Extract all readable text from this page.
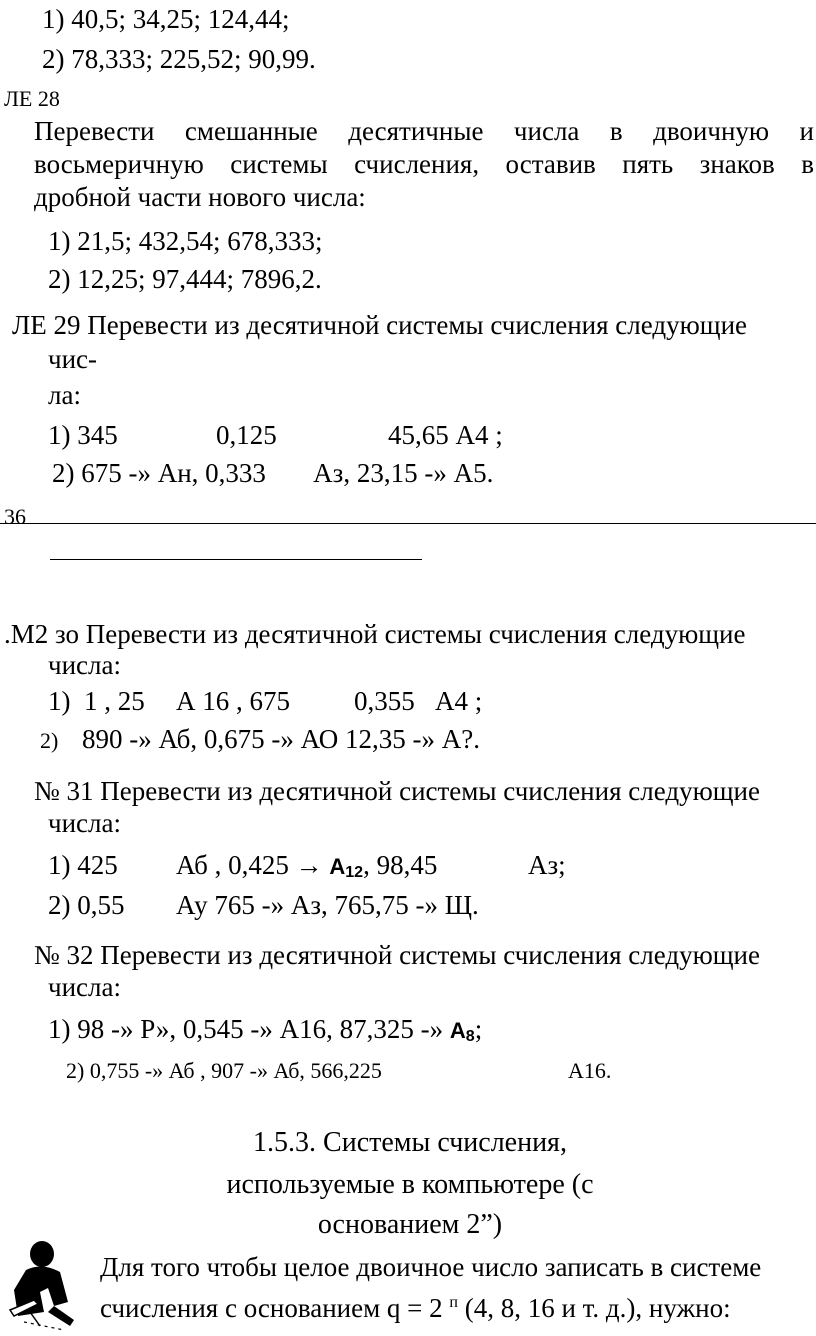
1) 40,5; 34,25; 124,44;
2) 78,333; 225,52; 90,99.
ЛЕ 28
Перевести смешанные десятичные числа в двоичную и
восьмеричную системы счисления, оставив пять знаков в
дробной части нового числа:
1) 21,5; 432,54; 678,333;
2) 12,25; 97,444; 7896,2.
ЛЕ 29 Перевести из десятичной системы счисления следующие
чис-
ла:
1) 345	0,125	45,65 А4 ;
2) 675 -» Ан, 0,333       Аз, 23,15 -» А5.
36
.М2 зо Перевести из десятичной системы счисления следующие
числа:
1) 1 , 25 А 16 , 675 0,355   А4 ;
2) 890 -» Аб, 0,675 -» АО 12,35 -» А?.
№ 31 Перевести из десятичной системы счисления следующие
числа:
1) 425 Аб , 0,425 → А12, 98,45	Аз;
2) 0,55 Ау 765 -» Аз, 765,75 -» Щ.
№ 32 Перевести из десятичной системы счисления следующие
числа:
1) 98 -» Р», 0,545 -» А16, 87,325 -» А8;
2) 0,755 -» Аб , 907 -» Аб, 566,225	А16.
1.5.3. Системы счисления,
используемые в компьютере (с
основанием 2”)
Для того чтобы целое двоичное число записать в системе
счисления с основанием q = 2 $^п$ (4, 8, 16 и т. д.), нужно:
